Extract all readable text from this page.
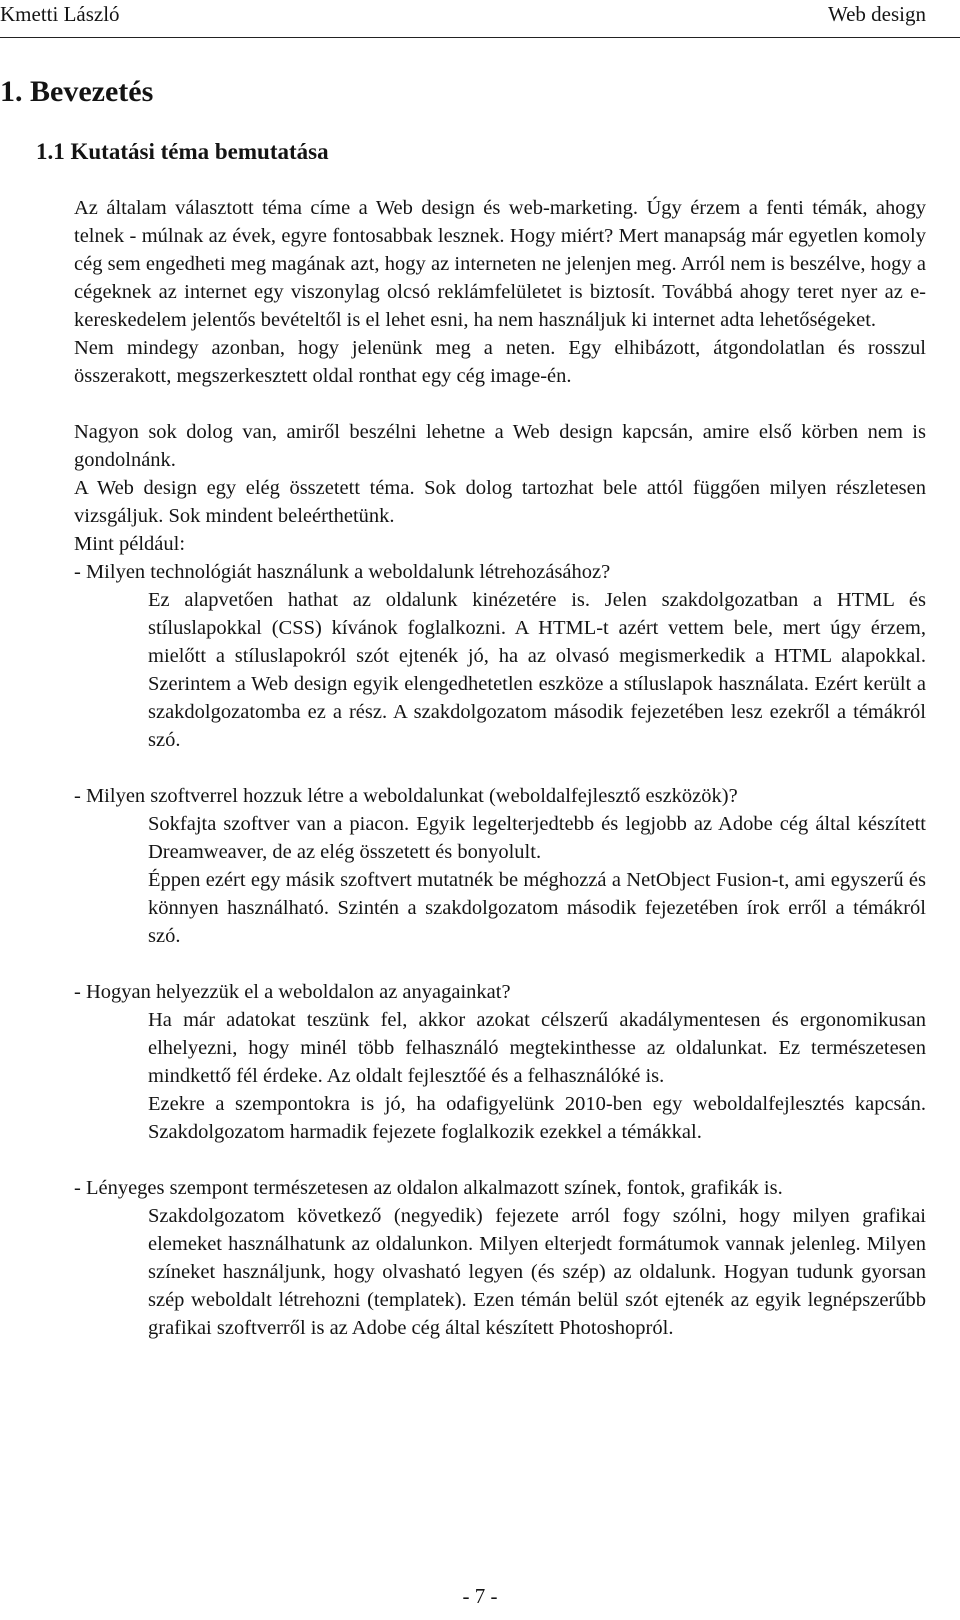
Kmetti László	Web design
1. Bevezetés
1.1 Kutatási téma bemutatása

Az általam választott téma címe a Web design és web-marketing. Úgy érzem a fenti témák, ahogy telnek - múlnak az évek, egyre fontosabbak lesznek. Hogy miért? Mert manapság már egyetlen komoly cég sem engedheti meg magának azt, hogy az interneten ne jelenjen meg. Arról nem is beszélve, hogy a cégeknek az internet egy viszonylag olcsó reklámfelületet is biztosít. Továbbá ahogy teret nyer az e-kereskedelem jelentős bevételtől is el lehet esni, ha nem használjuk ki internet adta lehetőségeket.

Nem mindegy azonban, hogy jelenünk meg a neten. Egy elhibázott, átgondolatlan és rosszul összerakott, megszerkesztett oldal ronthat egy cég image-én.

Nagyon sok dolog van, amiről beszélni lehetne a Web design kapcsán, amire első körben nem is gondolnánk.

A Web design egy elég összetett téma. Sok dolog tartozhat bele attól függően milyen részletesen vizsgáljuk. Sok mindent beleérthetünk.

Mint például:

- Milyen technológiát használunk a weboldalunk létrehozásához?

Ez alapvetően hathat az oldalunk kinézetére is. Jelen szakdolgozatban a HTML és stíluslapokkal (CSS) kívánok foglalkozni. A HTML-t azért vettem bele, mert úgy érzem, mielőtt a stíluslapokról szót ejtenék jó, ha az olvasó megismerkedik a HTML alapokkal. Szerintem a Web design egyik elengedhetetlen eszköze a stíluslapok használata. Ezért került a szakdolgozatomba ez a rész. A szakdolgozatom második fejezetében lesz ezekről a témákról szó.

- Milyen szoftverrel hozzuk létre a weboldalunkat (weboldalfejlesztő eszközök)?

Sokfajta szoftver van a piacon. Egyik legelterjedtebb és legjobb az Adobe cég által készített Dreamweaver, de az elég összetett és bonyolult.

Éppen ezért egy másik szoftvert mutatnék be méghozzá a NetObject Fusion-t, ami egyszerű és könnyen használható. Szintén a szakdolgozatom második fejezetében írok erről a témákról szó.

- Hogyan helyezzük el a weboldalon az anyagainkat?

Ha már adatokat teszünk fel, akkor azokat célszerű akadálymentesen és ergonomikusan elhelyezni, hogy minél több felhasználó megtekinthesse az oldalunkat. Ez természetesen mindkettő fél érdeke. Az oldalt fejlesztőé és a felhasználóké is.

Ezekre a szempontokra is jó, ha odafigyelünk 2010-ben egy weboldalfejlesztés kapcsán. Szakdolgozatom harmadik fejezete foglalkozik ezekkel a témákkal.

- Lényeges szempont természetesen az oldalon alkalmazott színek, fontok, grafikák is.

Szakdolgozatom következő (negyedik) fejezete arról fogy szólni, hogy milyen grafikai elemeket használhatunk az oldalunkon. Milyen elterjedt formátumok vannak jelenleg. Milyen színeket használjunk, hogy olvasható legyen (és szép) az oldalunk. Hogyan tudunk gyorsan szép weboldalt létrehozni (templatek). Ezen témán belül szót ejtenék az egyik legnépszerűbb grafikai szoftverről is az Adobe cég által készített Photoshopról.

- 7 -
